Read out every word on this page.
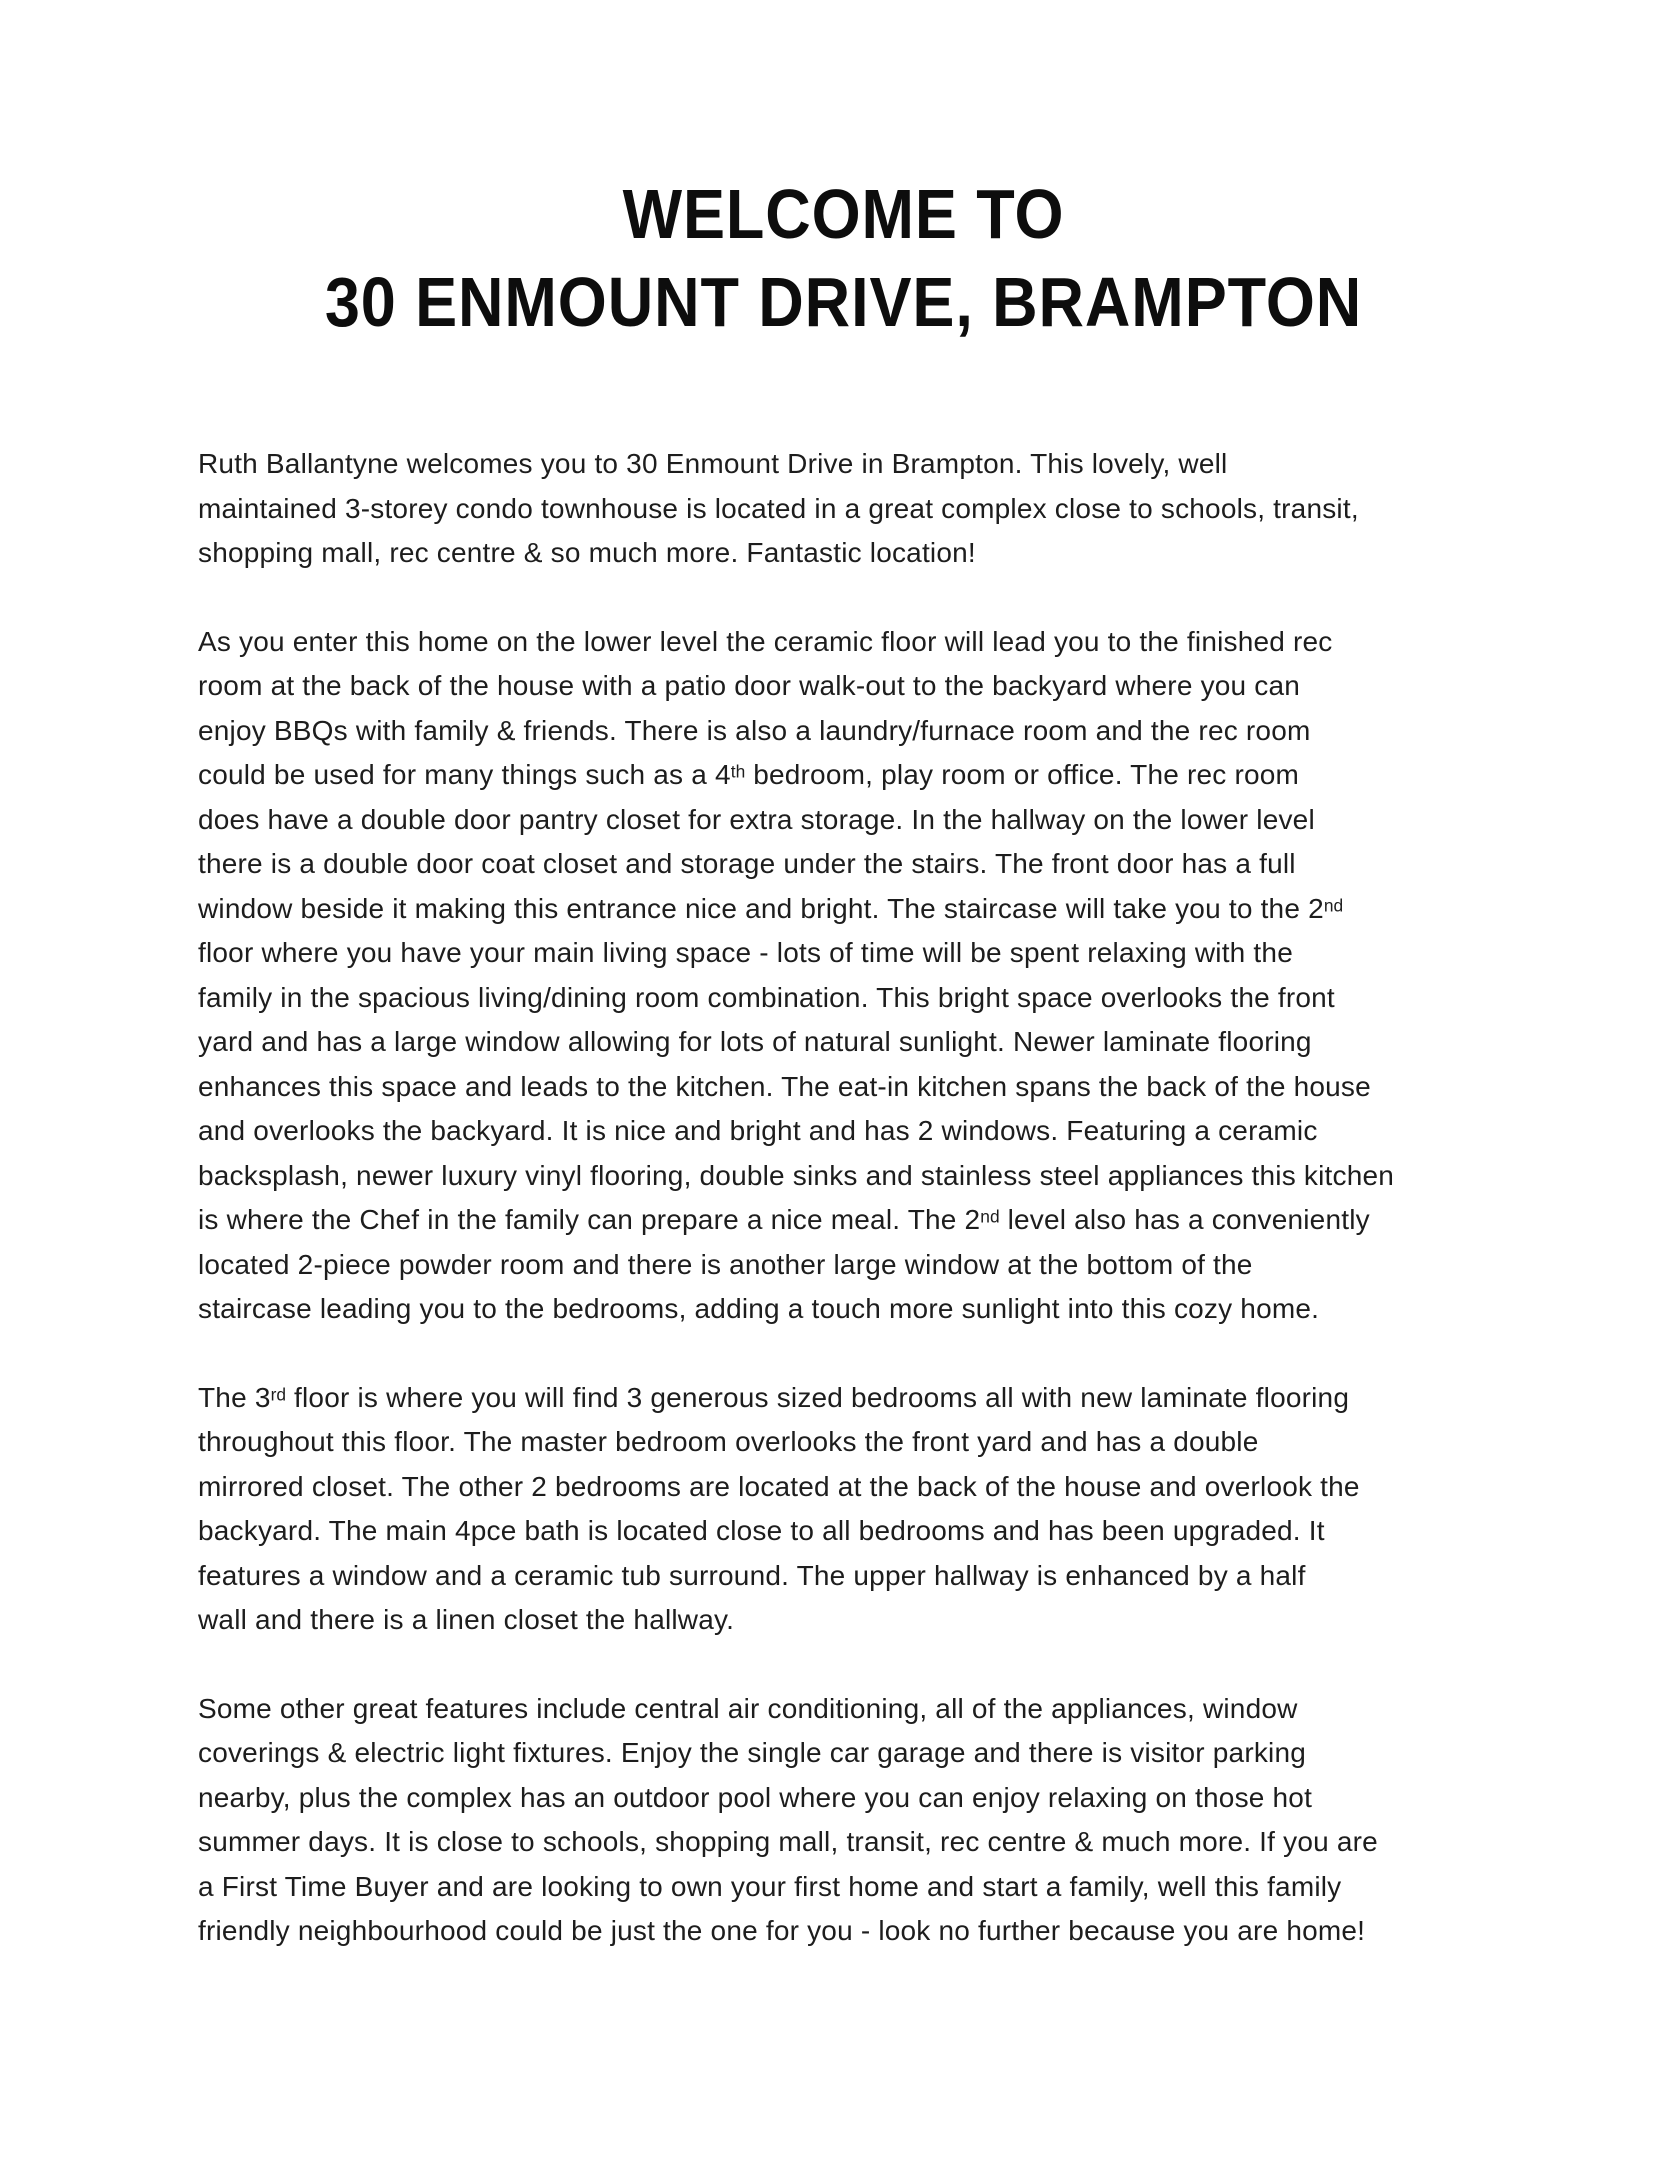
WELCOME TO
30 ENMOUNT DRIVE, BRAMPTON

Ruth Ballantyne welcomes you to 30 Enmount Drive in Brampton. This lovely, well
maintained 3-storey condo townhouse is located in a great complex close to schools, transit,
shopping mall, rec centre & so much more. Fantastic location!

As you enter this home on the lower level the ceramic floor will lead you to the finished rec
room at the back of the house with a patio door walk-out to the backyard where you can
enjoy BBQs with family & friends. There is also a laundry/furnace room and the rec room
could be used for many things such as a 4th bedroom, play room or office. The rec room
does have a double door pantry closet for extra storage. In the hallway on the lower level
there is a double door coat closet and storage under the stairs. The front door has a full
window beside it making this entrance nice and bright. The staircase will take you to the 2nd
floor where you have your main living space - lots of time will be spent relaxing with the
family in the spacious living/dining room combination. This bright space overlooks the front
yard and has a large window allowing for lots of natural sunlight. Newer laminate flooring
enhances this space and leads to the kitchen. The eat-in kitchen spans the back of the house
and overlooks the backyard. It is nice and bright and has 2 windows. Featuring a ceramic
backsplash, newer luxury vinyl flooring, double sinks and stainless steel appliances this kitchen
is where the Chef in the family can prepare a nice meal. The 2nd level also has a conveniently
located 2-piece powder room and there is another large window at the bottom of the
staircase leading you to the bedrooms, adding a touch more sunlight into this cozy home.

The 3rd floor is where you will find 3 generous sized bedrooms all with new laminate flooring
throughout this floor. The master bedroom overlooks the front yard and has a double
mirrored closet. The other 2 bedrooms are located at the back of the house and overlook the
backyard. The main 4pce bath is located close to all bedrooms and has been upgraded. It
features a window and a ceramic tub surround. The upper hallway is enhanced by a half
wall and there is a linen closet the hallway.

Some other great features include central air conditioning, all of the appliances, window
coverings & electric light fixtures. Enjoy the single car garage and there is visitor parking
nearby, plus the complex has an outdoor pool where you can enjoy relaxing on those hot
summer days. It is close to schools, shopping mall, transit, rec centre & much more. If you are
a First Time Buyer and are looking to own your first home and start a family, well this family
friendly neighbourhood could be just the one for you - look no further because you are home!
